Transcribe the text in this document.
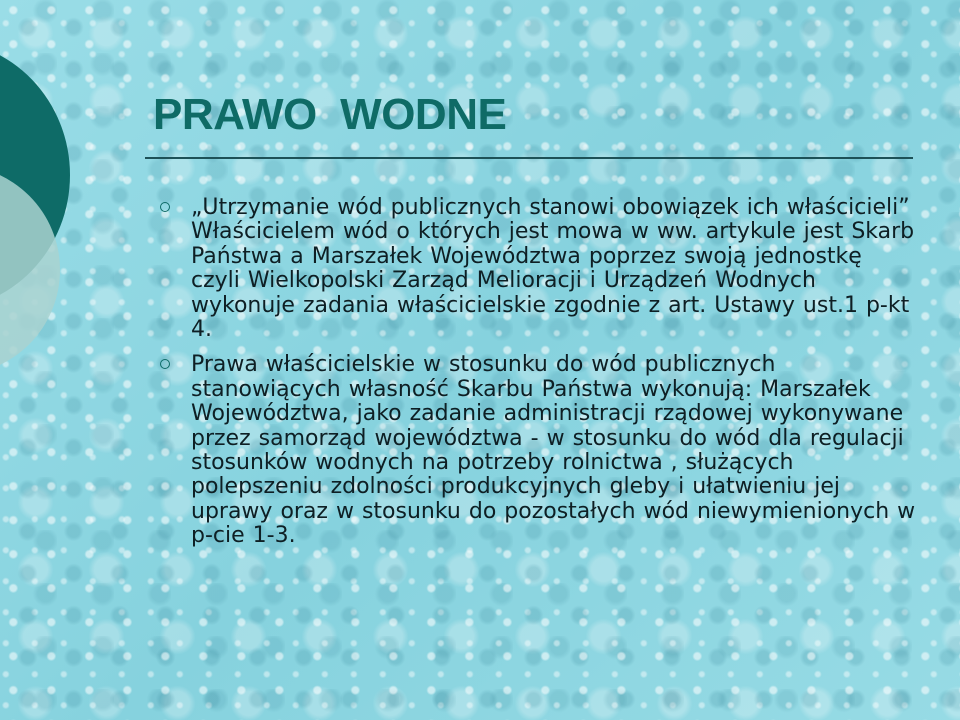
PRAWO  WODNE
„Utrzymanie wód publicznych stanowi obowiązek ich właścicieli” Właścicielem wód o których jest mowa w ww. artykule jest Skarb Państwa a Marszałek Województwa poprzez swoją jednostkę czyli Wielkopolski Zarząd Melioracji i Urządzeń Wodnych wykonuje zadania właścicielskie zgodnie z art. Ustawy ust.1 p-kt 4.
Prawa właścicielskie w stosunku do wód publicznych stanowiących własność Skarbu Państwa wykonują: Marszałek Województwa, jako zadanie administracji rządowej wykonywane przez samorząd województwa - w stosunku do wód dla regulacji stosunków wodnych na potrzeby rolnictwa , służących polepszeniu zdolności produkcyjnych gleby i ułatwieniu jej uprawy oraz w stosunku do pozostałych wód niewymienionych w p-cie 1-3.
